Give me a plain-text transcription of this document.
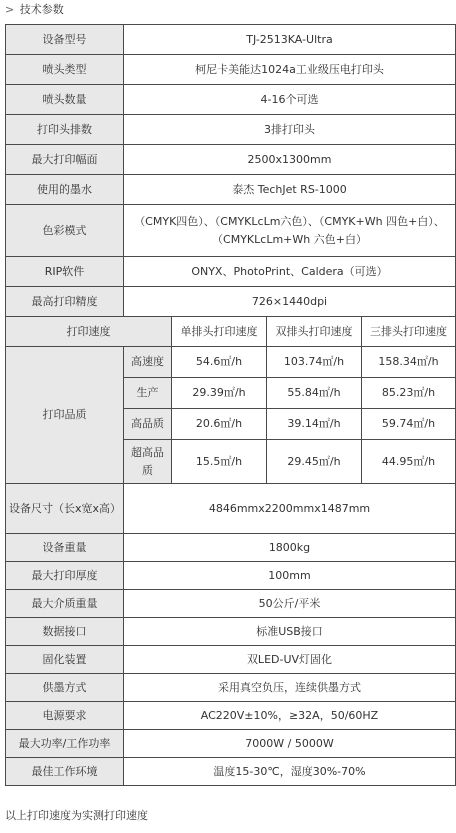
> 技术参数
设备型号	TJ-2513KA-Ultra			
喷头类型	柯尼卡美能达1024a工业级压电打印头			
喷头数量	4-16个可选			
打印头排数	3排打印头			
最大打印幅面	2500x1300mm			
使用的墨水	泰杰 TechJet RS-1000			
色彩模式	（CMYK四色）、（CMYKLcLm六色）、（CMYK+Wh 四色+白）、（CMYKLcLm+Wh 六色+白）			
RIP软件	ONYX、PhotoPrint、Caldera（可选）			
最高打印精度	726×1440dpi			
打印速度		单排头打印速度	双排头打印速度	三排头打印速度
打印品质	高速度	54.6㎡/h	103.74㎡/h	158.34㎡/h
	生产	29.39㎡/h	55.84㎡/h	85.23㎡/h
	高品质	20.6㎡/h	39.14㎡/h	59.74㎡/h
	超高品质	15.5㎡/h	29.45㎡/h	44.95㎡/h
设备尺寸（长x宽x高）	4846mmx2200mmx1487mm			
设备重量	1800kg			
最大打印厚度	100mm			
最大介质重量	50公斤/平米			
数据接口	标准USB接口			
固化装置	双LED-UV灯固化			
供墨方式	采用真空负压，连续供墨方式			
电源要求	AC220V±10%，≥32A，50/60HZ			
最大功率/工作功率	7000W / 5000W			
最佳工作环境	温度15-30℃，湿度30%-70%			
以上打印速度为实测打印速度
